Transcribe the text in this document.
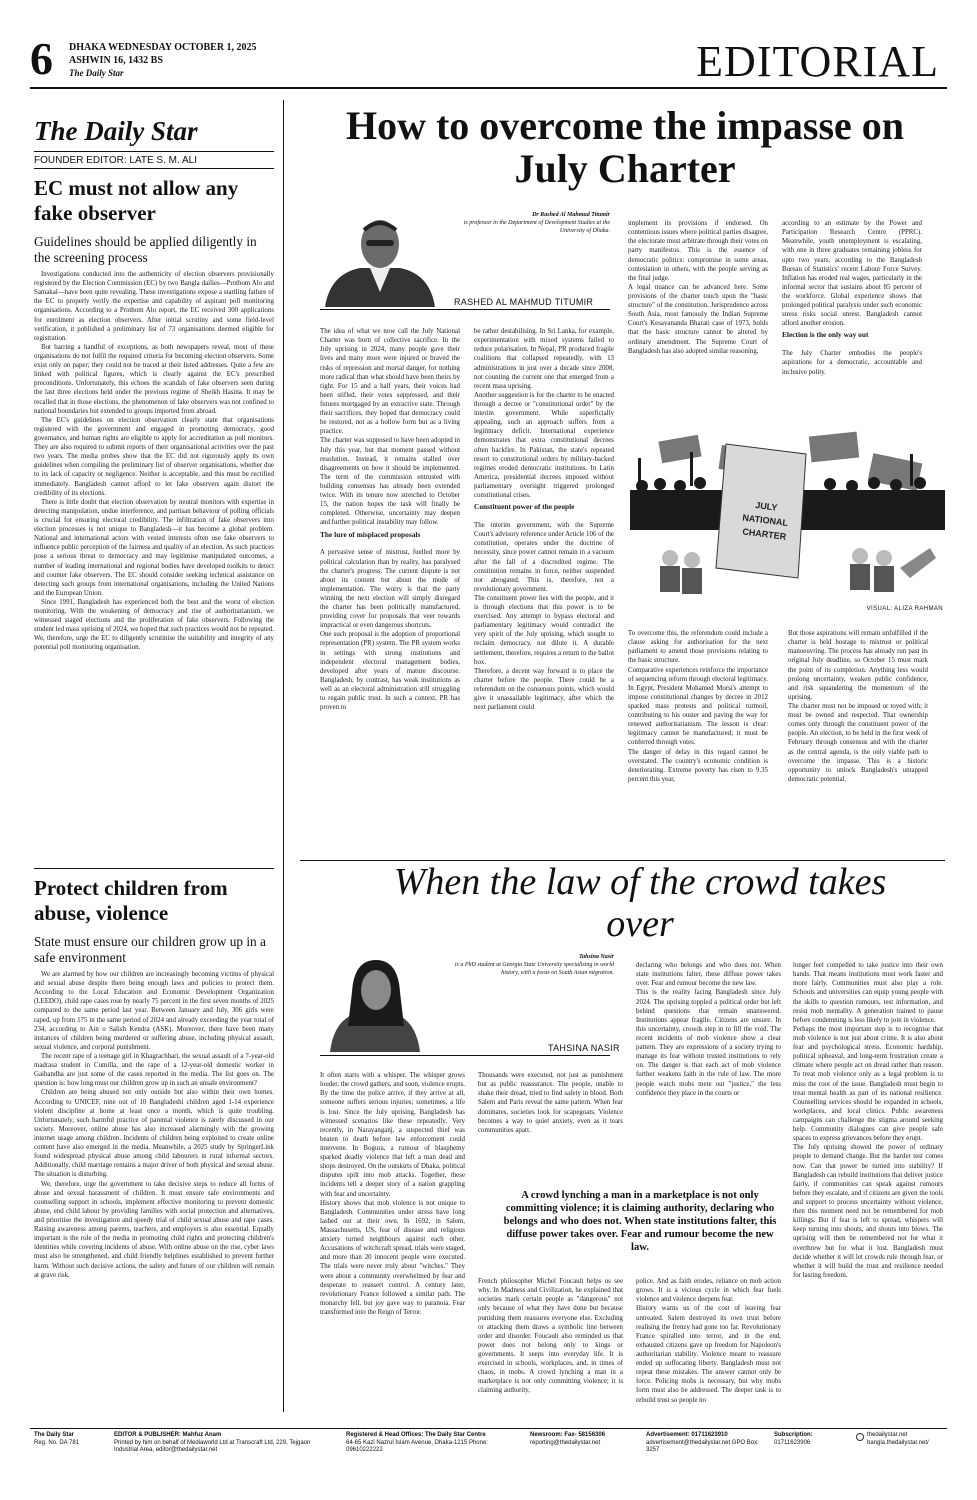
6 DHAKA WEDNESDAY OCTOBER 1, 2025
ASHWIN 16, 1432 BS
The Daily Star	EDITORIAL
The Daily Star
FOUNDER EDITOR: LATE S. M. ALI
EC must not allow any fake observer
Guidelines should be applied diligently in the screening process

Investigations conducted into the authenticity of election observers provisionally registered by the Election Commission (EC) by two Bangla dailies—Prothom Alo and Samakal—have been quite revealing. These investigations expose a startling failure of the EC to properly verify the expertise and capability of aspirant poll monitoring organisations. According to a Prothom Alo report, the EC received 300 applications for enrolment as election observers. After initial scrutiny and some field-level verification, it published a preliminary list of 73 organisations deemed eligible for registration.

But barring a handful of exceptions, as both newspapers reveal, most of these organisations do not fulfil the required criteria for becoming election observers. Some exist only on paper; they could not be traced at their listed addresses. Quite a few are linked with political figures, which is clearly against the EC's prescribed preconditions. Unfortunately, this echoes the scandals of fake observers seen during the last three elections held under the previous regime of Sheikh Hasina. It may be recalled that in those elections, the phenomenon of fake observers was not confined to national boundaries but extended to groups imported from abroad.

The EC's guidelines on election observation clearly state that organisations registered with the government and engaged in promoting democracy, good governance, and human rights are eligible to apply for accreditation as poll monitors. They are also required to submit reports of their organisational activities over the past two years. The media probes show that the EC did not rigorously apply its own guidelines when compiling the preliminary list of observer organisations, whether due to its lack of capacity or negligence. Neither is acceptable, and this must be rectified immediately. Bangladesh cannot afford to let fake observers again distort the credibility of its elections.

There is little doubt that election observation by neutral monitors with expertise in detecting manipulation, undue interference, and partisan behaviour of polling officials is crucial for ensuring electoral credibility. The infiltration of fake observers into election processes is not unique to Bangladesh—it has become a global problem. National and international actors with vested interests often use fake observers to influence public perception of the fairness and quality of an election. As such practices pose a serious threat to democracy and may legitimise manipulated outcomes, a number of leading international and regional bodies have developed toolkits to detect and counter fake observers. The EC should consider seeking technical assistance on detecting such groups from international organisations, including the United Nations and the European Union.

Since 1991, Bangladesh has experienced both the best and the worst of election monitoring. With the weakening of democracy and rise of authoritarianism, we witnessed staged elections and the proliferation of fake observers. Following the student led mass uprising of 2024, we hoped that such practices would not be repeated. We, therefore, urge the EC to diligently scrutinise the suitability and integrity of any potential poll monitoring organisation.

Protect children from abuse, violence
State must ensure our children grow up in a safe environment

We are alarmed by how our children are increasingly becoming victims of physical and sexual abuse despite there being enough laws and policies to protect them. According to the Local Education and Economic Development Organization (LEEDO), child rape cases rose by nearly 75 percent in the first seven months of 2025 compared to the same period last year. Between January and July, 306 girls were raped, up from 175 in the same period of 2024 and already exceeding the year total of 234, according to Ain o Salish Kendra (ASK). Moreover, there have been many instances of children being murdered or suffering abuse, including physical assault, sexual violence, and corporal punishment.

The recent rape of a teenage girl in Khagrachhari, the sexual assault of a 7-year-old madrasa student in Cumilla, and the rape of a 12-year-old domestic worker in Gaibandha are just some of the cases reported in the media. The list goes on. The question is: how long must our children grow up in such an unsafe environment?

Children are being abused not only outside but also within their own homes. According to UNICEF, nine out of 10 Bangladeshi children aged 1-14 experience violent discipline at home at least once a month, which is quite troubling. Unfortunately, such harmful practice of parental violence is rarely discussed in our society. Moreover, online abuse has also increased alarmingly with the growing internet usage among children. Incidents of children being exploited to create online content have also emerged in the media. Meanwhile, a 2025 study by SpringerLink found widespread physical abuse among child labourers in rural informal sectors. Additionally, child marriage remains a major driver of both physical and sexual abuse. The situation is disturbing.

We, therefore, urge the government to take decisive steps to reduce all forms of abuse and sexual harassment of children. It must ensure safe environments and counselling support in schools, implement effective monitoring to prevent domestic abuse, end child labour by providing families with social protection and alternatives, and prioritise the investigation and speedy trial of child sexual abuse and rape cases. Raising awareness among parents, teachers, and employers is also essential. Equally important is the role of the media in promoting child rights and protecting children's identities while covering incidents of abuse. With online abuse on the rise, cyber laws must also be strengthened, and child friendly helplines established to prevent further harm. Without such decisive actions, the safety and future of our children will remain at grave risk.

How to overcome the impasse on July Charter
Dr Rashed Al Mahmud Titumir
is professor in the Department of Development Studies at the University of Dhaka.
RASHED AL MAHMUD TITUMIR

The idea of what we now call the July National Charter was born of collective sacrifice. In the July uprising in 2024, many people gave their lives and many more were injured or braved the risks of repression and mortal danger, for nothing more radical than what should have been theirs by right. For 15 and a half years, their voices had been stifled, their votes suppressed, and their futures mortgaged by an extractive state. Through their sacrifices, they hoped that democracy could be restored, not as a hollow form but as a living practice.
The charter was supposed to have been adopted in July this year, but that moment passed without resolution. Instead, it remains stalled over disagreements on how it should be implemented. The term of the commission entrusted with building consensus has already been extended twice. With its tenure now stretched to October 15, the nation hopes the task will finally be completed. Otherwise, uncertainty may deepen and further political instability may follow.

The lure of misplaced proposals

A pervasive sense of mistrust, fuelled more by political calculation than by reality, has paralysed the charter's progress. The current dispute is not about its content but about the mode of implementation. The worry is that the party winning the next election will simply disregard the charter has been politically manufactured, providing cover for proposals that veer towards impractical or even dangerous shortcuts.
One such proposal is the adoption of proportional representation (PR) system. The PR system works in settings with strong institutions and independent electoral management bodies, developed after years of mature discourse. Bangladesh, by contrast, has weak institutions as well as an electoral administration still struggling to regain public trust. In such a context, PR has proven to

be rather destabilising. In Sri Lanka, for example, experimentation with mixed systems failed to reduce polarisation. In Nepal, PR produced fragile coalitions that collapsed repeatedly, with 13 administrations in just over a decade since 2008, not counting the current one that emerged from a recent mass uprising.
Another suggestion is for the charter to be enacted through a decree or "constitutional order" by the interim government. While superficially appealing, such an approach suffers from a legitimacy deficit. International experience demonstrates that extra constitutional decrees often backfire. In Pakistan, the state's repeated resort to constitutional orders by military-backed regimes eroded democratic institutions. In Latin America, presidential decrees imposed without parliamentary oversight triggered prolonged constitutional crises.

Constituent power of the people

The interim government, with the Supreme Court's advisory reference under Article 106 of the constitution, operates under the doctrine of necessity, since power cannot remain in a vacuum after the fall of a discredited regime. The constitution remains in force, neither suspended nor abrogated. This is, therefore, not a revolutionary government.
The constituent power lies with the people, and it is through elections that this power is to be exercised. Any attempt to bypass electoral and parliamentary legitimacy would contradict the very spirit of the July uprising, which sought to reclaim democracy, not dilute it. A durable settlement, therefore, requires a return to the ballot box.
Therefore, a decent way forward is to place the charter before the people. There could be a referendum on the consensus points, which would give it unassailable legitimacy, after which the next parliament could

implement its provisions if endorsed. On contentious issues where political parties disagree, the electorate must arbitrate through their votes on party manifestos. This is the essence of democratic politics: compromise in some areas, contestation in others, with the people serving as the final judge.
A legal nuance can be advanced here. Some provisions of the charter touch upon the "basic structure" of the constitution. Jurisprudence across South Asia, most famously the Indian Supreme Court's Kesavananda Bharati case of 1973, holds that the basic structure cannot be altered by ordinary amendment. The Supreme Court of Bangladesh has also adopted similar reasoning.

according to an estimate by the Power and Participation Research Centre (PPRC). Meanwhile, youth unemployment is escalating, with one in three graduates remaining jobless for upto two years, according to the Bangladesh Bureau of Statistics' recent Labour Force Survey. Inflation has eroded real wages, particularly in the informal sector that sustains about 85 percent of the workforce. Global experience shows that prolonged political paralysis under such economic stress risks social unrest. Bangladesh cannot afford another erosion.

Election is the only way out

The July Charter embodies the people's aspirations for a democratic, accountable and inclusive polity.

JULY
NATIONAL
CHARTER
VISUAL: ALIZA RAHMAN

To overcome this, the referendum could include a clause asking for authorisation for the next parliament to amend those provisions relating to the basic structure.
Comparative experiences reinforce the importance of sequencing reform through electoral legitimacy. In Egypt, President Mohamed Morsi's attempt to impose constitutional changes by decree in 2012 sparked mass protests and political turmoil, contributing to his ouster and paving the way for renewed authoritarianism. The lesson is clear: legitimacy cannot be manufactured; it must be conferred through votes.
The danger of delay in this regard cannot be overstated. The country's economic condition is deteriorating. Extreme poverty has risen to 9.35 percent this year,

But those aspirations will remain unfulfilled if the charter is held hostage to mistrust or political manoeuvring. The process has already run past its original July deadline, so October 15 must mark the point of its completion. Anything less would prolong uncertainty, weaken public confidence, and risk squandering the momentum of the uprising.
The charter must not be imposed or toyed with; it must be owned and respected. That ownership comes only through the constituent power of the people. An election, to be held in the first week of February through consensus and with the charter as the central agenda, is the only viable path to overcome the impasse. This is a historic opportunity to unlock Bangladesh's untapped democratic potential.

When the law of the crowd takes over
Tahsina Nasir
is a PhD student at Georgia State University specialising in world history, with a focus on South Asian migration.
TAHSINA NASIR

It often starts with a whisper. The whisper grows louder, the crowd gathers, and soon, violence erupts. By the time the police arrive, if they arrive at all, someone suffers serious injuries; sometimes, a life is lost. Since the July uprising, Bangladesh has witnessed scenarios like these repeatedly. Very recently, in Narayanganj, a suspected thief was beaten to death before law enforcement could intervene. In Bogura, a rumour of blasphemy sparked deadly violence that left a man dead and shops destroyed. On the outskirts of Dhaka, political disputes spilt into mob attacks. Together, these incidents tell a deeper story of a nation grappling with fear and uncertainty.
History shows that mob violence is not unique to Bangladesh. Communities under stress have long lashed out at their own. In 1692, in Salem, Massachusetts, US, fear of disease and religious anxiety turned neighbours against each other. Accusations of witchcraft spread, trials were staged, and more than 20 innocent people were executed. The trials were never truly about "witches." They were about a community overwhelmed by fear and desperate to reassert control. A century later, revolutionary France followed a similar path. The monarchy fell, but joy gave way to paranoia. Fear transformed into the Reign of Terror.

Thousands were executed, not just as punishment but as public reassurance. The people, unable to shake their dread, tried to find safety in blood. Both Salem and Paris reveal the same pattern. When fear dominates, societies look for scapegoats. Violence becomes a way to quiet anxiety, even as it tears communities apart.

declaring who belongs and who does not. When state institutions falter, these diffuse power takes over. Fear and rumour become the new law.
This is the reality facing Bangladesh since July 2024. The uprising toppled a political order but left behind questions that remain unanswered. Institutions appear fragile. Citizens are unsure. In this uncertainty, crowds step in to fill the void. The recent incidents of mob violence show a clear pattern. They are expressions of a society trying to manage its fear without trusted institutions to rely on. The danger is that each act of mob violence further weakens faith in the rule of law. The more people watch mobs mete out "justice," the less confidence they place in the courts or

longer feel compelled to take justice into their own hands. That means institutions must work faster and more fairly. Communities must also play a role. Schools and universities can equip young people with the skills to question rumours, test information, and resist mob mentality. A generation trained to pause before condemning is less likely to join in violence.
Perhaps the most important step is to recognise that mob violence is not just about crime. It is also about fear and psychological stress. Economic hardship, political upheaval, and long-term frustration create a climate where people act on dread rather than reason. To treat mob violence only as a legal problem is to miss the root of the issue. Bangladesh must begin to treat mental health as part of its national resilience. Counselling services should be expanded in schools, workplaces, and local clinics. Public awareness campaigns can challenge the stigma around seeking help. Community dialogues can give people safe spaces to express grievances before they erupt.
The July uprising showed the power of ordinary people to demand change. But the harder test comes now. Can that power be turned into stability? If Bangladesh can rebuild institutions that deliver justice fairly, if communities can speak against rumours before they escalate, and if citizens are given the tools and support to process uncertainty without violence, then this moment need not be remembered for mob killings. But if fear is left to spread, whispers will keep turning into shouts, and shouts into blows. The uprising will then be remembered not for what it overthrew but for what it lost. Bangladesh must decide whether it will let crowds rule through fear, or whether it will build the trust and resilience needed for lasting freedom.

A crowd lynching a man in a marketplace is not only committing violence; it is claiming authority, declaring who belongs and who does not. When state institutions falter, this diffuse power takes over. Fear and rumour become the new law.

French philosopher Michel Foucault helps us see why. In Madness and Civilization, he explained that societies mark certain people as "dangerous" not only because of what they have done but because punishing them reassures everyone else. Excluding or attacking them draws a symbolic line between order and disorder. Foucault also reminded us that power does not belong only to kings or governments. It seeps into everyday life. It is exercised in schools, workplaces, and, in times of chaos, in mobs. A crowd lynching a man in a marketplace is not only committing violence; it is claiming authority,

police. And as faith erodes, reliance on mob action grows. It is a vicious cycle in which fear fuels violence and violence deepens fear.
History warns us of the cost of leaving fear untreated. Salem destroyed its own trust before realising the frenzy had gone too far. Revolutionary France spiralled into terror, and in the end, exhausted citizens gave up freedom for Napoleon's authoritarian stability. Violence meant to reassure ended up suffocating liberty. Bangladesh must not repeat these mistakes. The answer cannot only be force. Policing mobs is necessary, but why mobs form must also be addressed. The deeper task is to rebuild trust so people no

The Daily Star
Reg. No. DA 781
EDITOR & PUBLISHER: Mahfuz Anam
Printed by him on behalf of Mediaworld Ltd at Transcraft Ltd, 229, Tejgaon Industrial Area, editor@thedailystar.net
Registered & Head Offices: The Daily Star Centre
64-65 Kazi Nazrul Islam Avenue, Dhaka-1215 Phone: 09610222222
Newsroom: Fax- 58156306
reporting@thedailystar.net
Advertisement: 01711623910
advertisement@thedailystar.net GPO Box: 3257
Subscription:
01711623906
thedailystar.net bangla.thedailystar.net/
